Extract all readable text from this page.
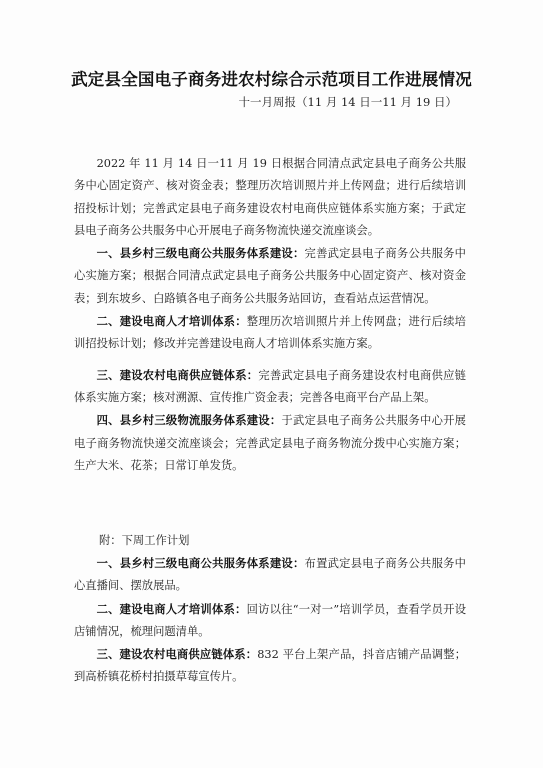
武定县全国电子商务进农村综合示范项目工作进展情况
十一月周报（11 月 14 日一11 月 19 日）

2022 年 11 月 14 日一11 月 19 日根据合同清点武定县电子商务公共服务中心固定资产、核对资金表；整理历次培训照片并上传网盘；进行后续培训招投标计划；完善武定县电子商务建设农村电商供应链体系实施方案；于武定县电子商务公共服务中心开展电子商务物流快递交流座谈会。

一、县乡村三级电商公共服务体系建设：完善武定县电子商务公共服务中心实施方案；根据合同清点武定县电子商务公共服务中心固定资产、核对资金表；到东坡乡、白路镇各电子商务公共服务站回访，查看站点运营情况。

二、建设电商人才培训体系：整理历次培训照片并上传网盘；进行后续培训招投标计划；修改并完善建设电商人才培训体系实施方案。

三、建设农村电商供应链体系：完善武定县电子商务建设农村电商供应链体系实施方案；核对溯源、宣传推广资金表；完善各电商平台产品上架。

四、县乡村三级物流服务体系建设：于武定县电子商务公共服务中心开展电子商务物流快递交流座谈会；完善武定县电子商务物流分拨中心实施方案；生产大米、花茶；日常订单发货。

附：下周工作计划

一、县乡村三级电商公共服务体系建设：布置武定县电子商务公共服务中心直播间、摆放展品。

二、建设电商人才培训体系：回访以往“一对一”培训学员，查看学员开设店铺情况，梳理问题清单。

三、建设农村电商供应链体系：832 平台上架产品，抖音店铺产品调整；到高桥镇花桥村拍摄草莓宣传片。
